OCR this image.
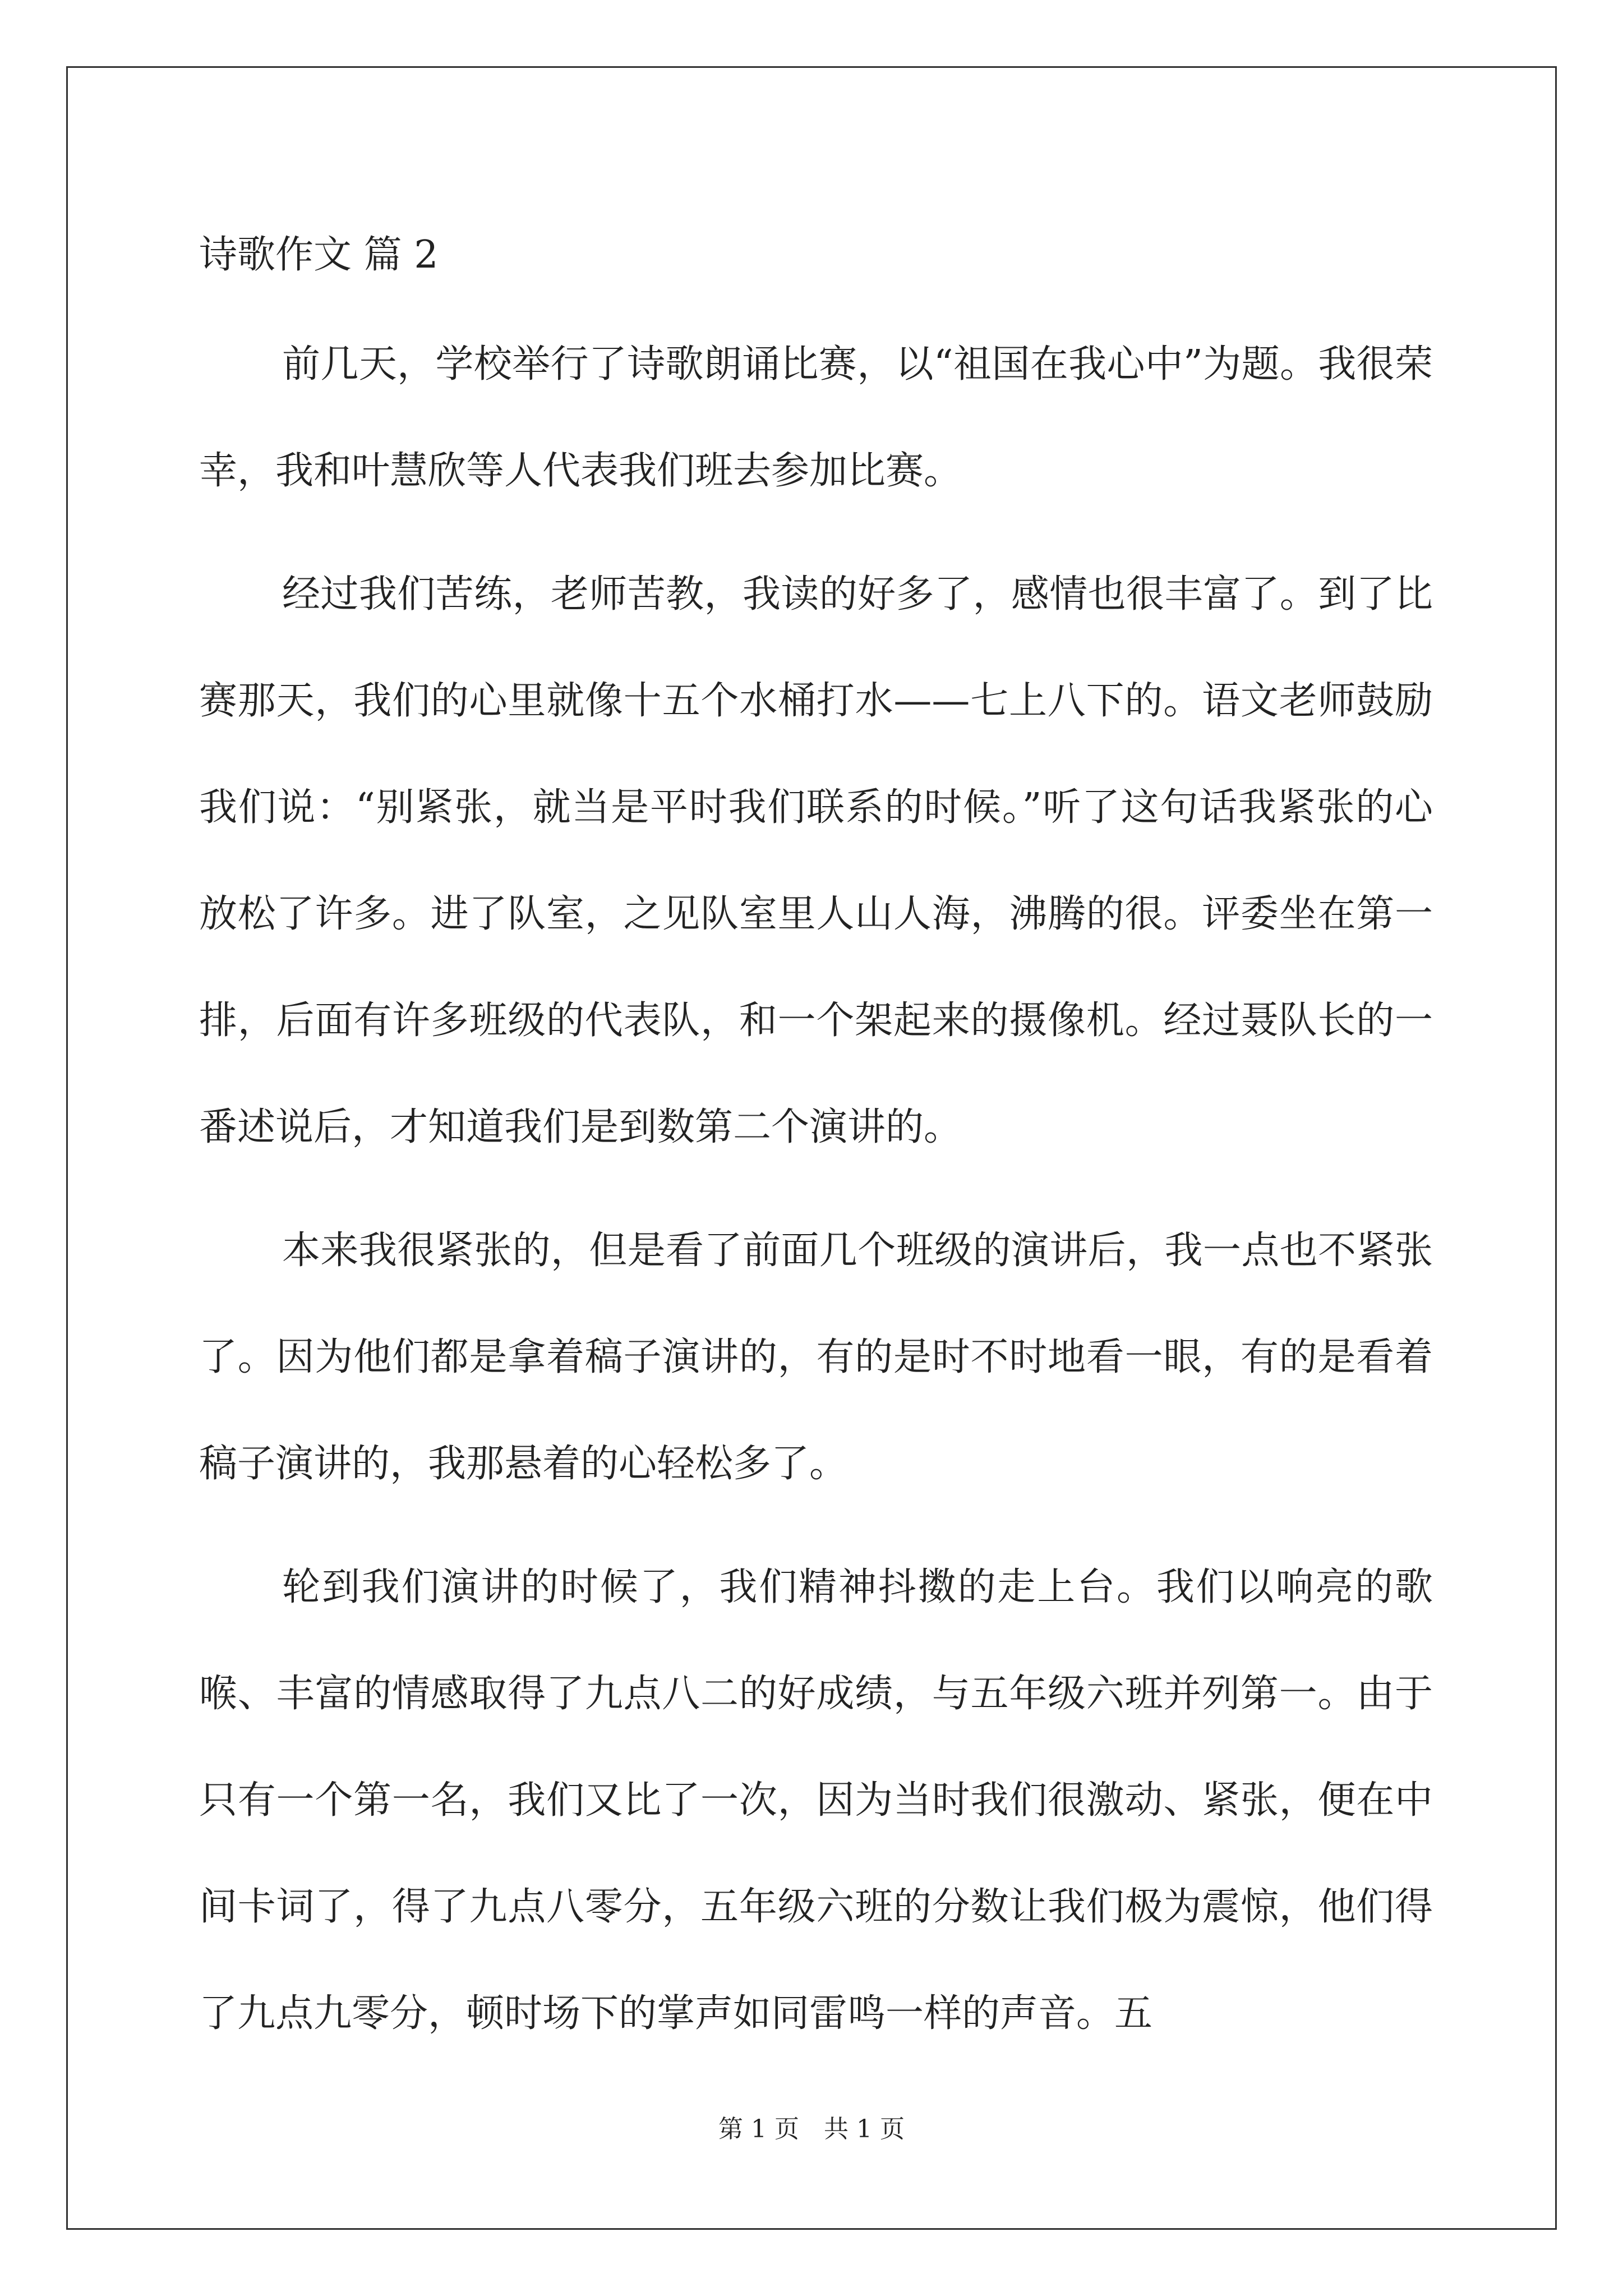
诗歌作文 篇 2

前几天，学校举行了诗歌朗诵比赛，以“祖国在我心中”为题。我很荣幸，我和叶慧欣等人代表我们班去参加比赛。

经过我们苦练，老师苦教，我读的好多了，感情也很丰富了。到了比赛那天，我们的心里就像十五个水桶打水——七上八下的。语文老师鼓励我们说：“别紧张，就当是平时我们联系的时候。”听了这句话我紧张的心放松了许多。进了队室，之见队室里人山人海，沸腾的很。评委坐在第一排，后面有许多班级的代表队，和一个架起来的摄像机。经过聂队长的一番述说后，才知道我们是到数第二个演讲的。

本来我很紧张的，但是看了前面几个班级的演讲后，我一点也不紧张了。因为他们都是拿着稿子演讲的，有的是时不时地看一眼，有的是看着稿子演讲的，我那悬着的心轻松多了。

轮到我们演讲的时候了，我们精神抖擞的走上台。我们以响亮的歌喉、丰富的情感取得了九点八二的好成绩，与五年级六班并列第一。由于只有一个第一名，我们又比了一次，因为当时我们很激动、紧张，便在中间卡词了，得了九点八零分，五年级六班的分数让我们极为震惊，他们得了九点九零分，顿时场下的掌声如同雷鸣一样的声音。五

第 1 页　共 1 页
